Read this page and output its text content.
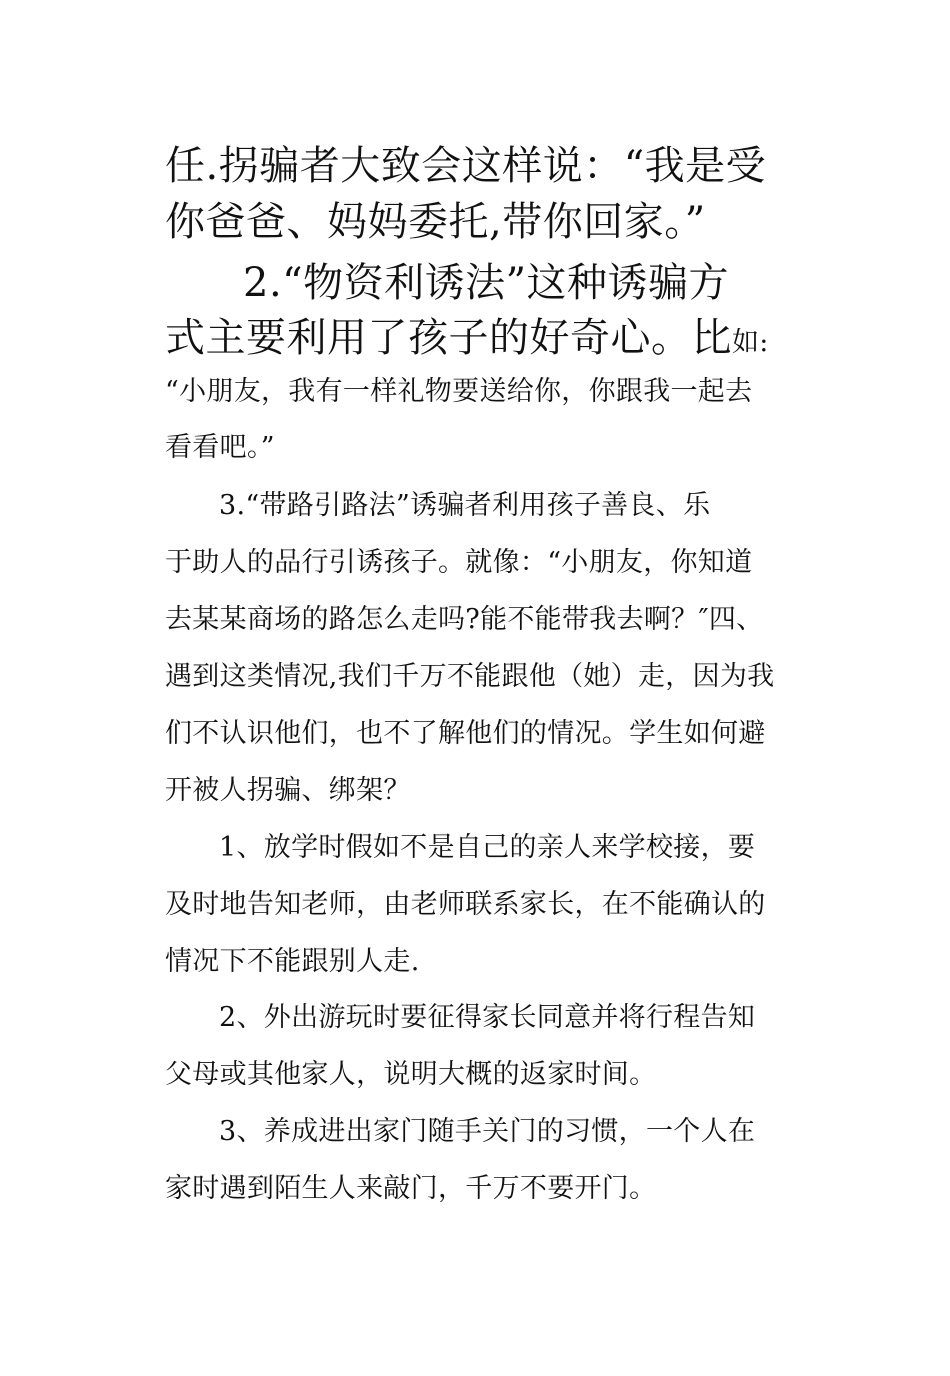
任.拐骗者大致会这样说：“我是受
你爸爸、妈妈委托,带你回家。”
2.“物资利诱法”这种诱骗方
式主要利用了孩子的好奇心。比如:
“小朋友，我有一样礼物要送给你，你跟我一起去
看看吧。”
3.“带路引路法”诱骗者利用孩子善良、乐
于助人的品行引诱孩子。就像：“小朋友，你知道
去某某商场的路怎么走吗?能不能带我去啊？″四、
遇到这类情况,我们千万不能跟他（她）走，因为我
们不认识他们，也不了解他们的情况。学生如何避
开被人拐骗、绑架？
1、放学时假如不是自己的亲人来学校接，要
及时地告知老师，由老师联系家长，在不能确认的
情况下不能跟别人走.
2、外出游玩时要征得家长同意并将行程告知
父母或其他家人，说明大概的返家时间。
3、养成进出家门随手关门的习惯，一个人在
家时遇到陌生人来敲门，千万不要开门。
